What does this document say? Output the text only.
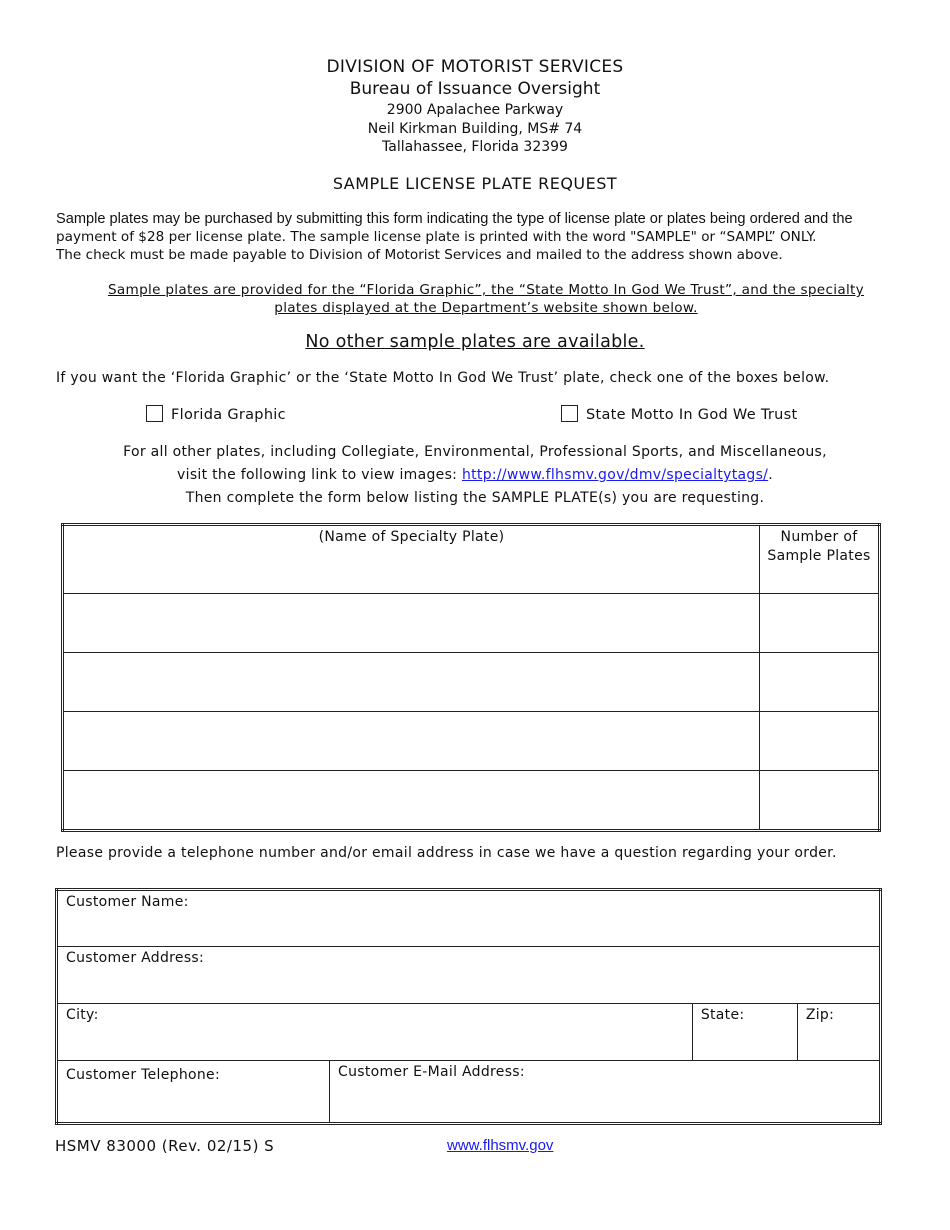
DIVISION OF MOTORIST SERVICES
Bureau of Issuance Oversight
2900 Apalachee Parkway
Neil Kirkman Building, MS# 74
Tallahassee, Florida 32399
SAMPLE LICENSE PLATE REQUEST
Sample plates may be purchased by submitting this form indicating the type of license plate or plates being ordered and the
payment of $28 per license plate. The sample license plate is printed with the word "SAMPLE" or “SAMPL” ONLY.
The check must be made payable to Division of Motorist Services and mailed to the address shown above.
Sample plates are provided for the “Florida Graphic”, the “State Motto In God We Trust”, and the specialty
plates displayed at the Department’s website shown below.
No other sample plates are available.
If you want the ‘Florida Graphic’ or the ‘State Motto In God We Trust’ plate, check one of the boxes below.
Florida Graphic	State Motto In God We Trust
For all other plates, including Collegiate, Environmental, Professional Sports, and Miscellaneous,
visit the following link to view images: http://www.flhsmv.gov/dmv/specialtytags/.
Then complete the form below listing the SAMPLE PLATE(s) you are requesting.
(Name of Specialty Plate)	Number of
Sample Plates

Please provide a telephone number and/or email address in case we have a question regarding your order.
Customer Name:			
Customer Address:			
City:		State:	Zip:
Customer Telephone:	Customer E-Mail Address:		
HSMV 83000 (Rev. 02/15) S	www.flhsmv.gov
